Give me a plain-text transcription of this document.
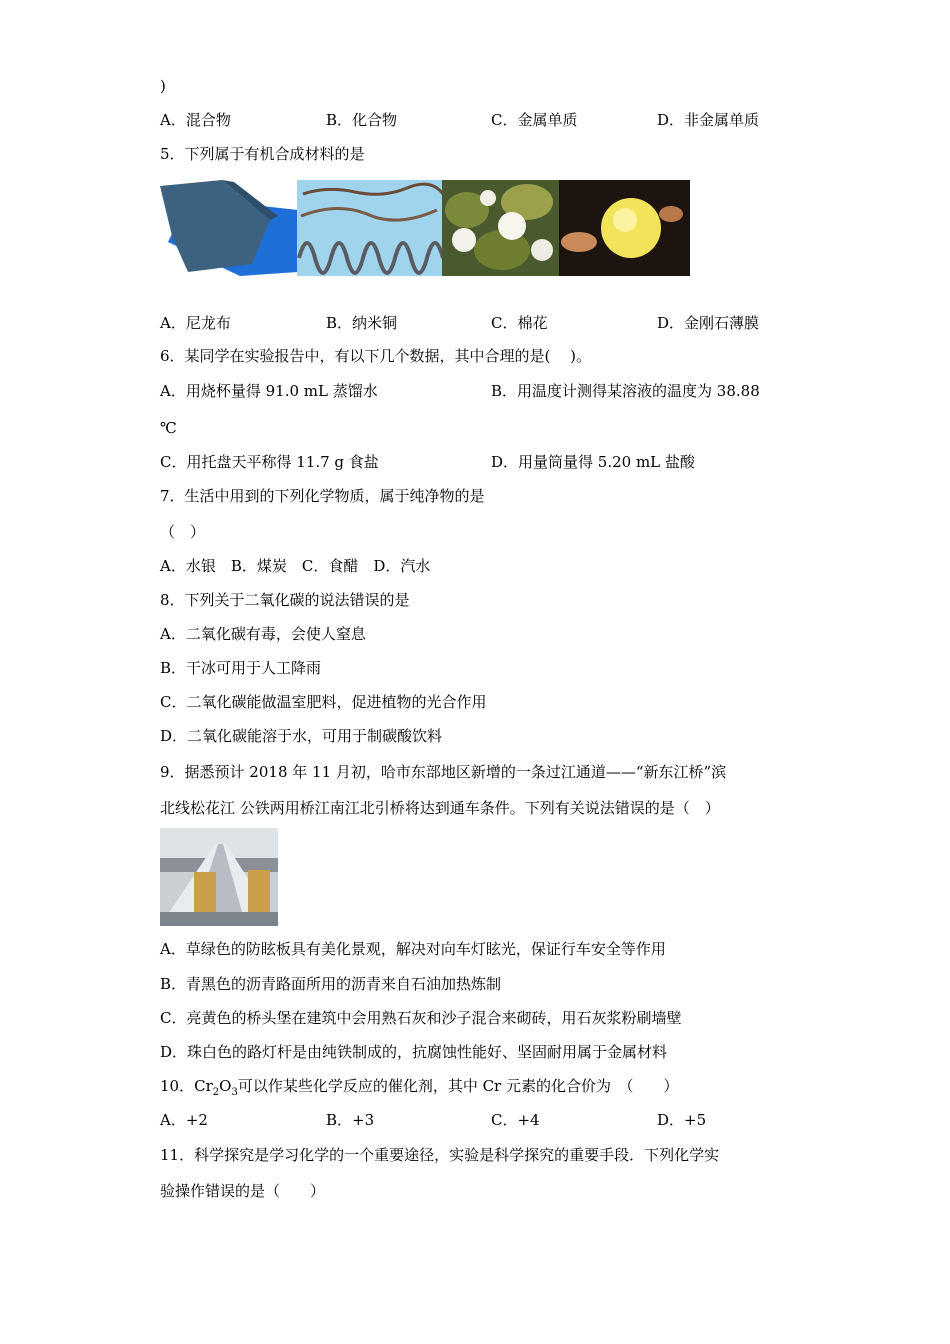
)
A．混合物	B．化合物	C．金属单质	D．非金属单质
5．下列属于有机合成材料的是
A．尼龙布	B．纳米铜	C．棉花	D．金刚石薄膜
6．某同学在实验报告中，有以下几个数据，其中合理的是(　 )。
A．用烧杯量得 91.0 mL 蒸馏水	B．用温度计测得某溶液的温度为 38.88
℃
C．用托盘天平称得 11.7 g 食盐	D．用量筒量得 5.20 mL 盐酸
7．生活中用到的下列化学物质，属于纯净物的是
（　）
A．水银　B．煤炭　C．食醋　D．汽水
8．下列关于二氧化碳的说法错误的是
A．二氧化碳有毒，会使人窒息
B．干冰可用于人工降雨
C．二氧化碳能做温室肥料，促进植物的光合作用
D．二氧化碳能溶于水，可用于制碳酸饮料
9．据悉预计 2018 年 11 月初，哈市东部地区新增的一条过江通道——“新东江桥”滨
北线松花江 公铁两用桥江南江北引桥将达到通车条件。下列有关说法错误的是（　）
A．草绿色的防眩板具有美化景观，解决对向车灯眩光，保证行车安全等作用
B．青黑色的沥青路面所用的沥青来自石油加热炼制
C．亮黄色的桥头堡在建筑中会用熟石灰和沙子混合来砌砖，用石灰浆粉刷墙壁
D．珠白色的路灯杆是由纯铁制成的，抗腐蚀性能好、坚固耐用属于金属材料
10．$Cr_2O_3$可以作某些化学反应的催化剂，其中 Cr 元素的化合价为　（　　）
A．+2	B．+3	C．+4	D．+5
11．科学探究是学习化学的一个重要途径，实验是科学探究的重要手段．下列化学实
验操作错误的是（　　）
